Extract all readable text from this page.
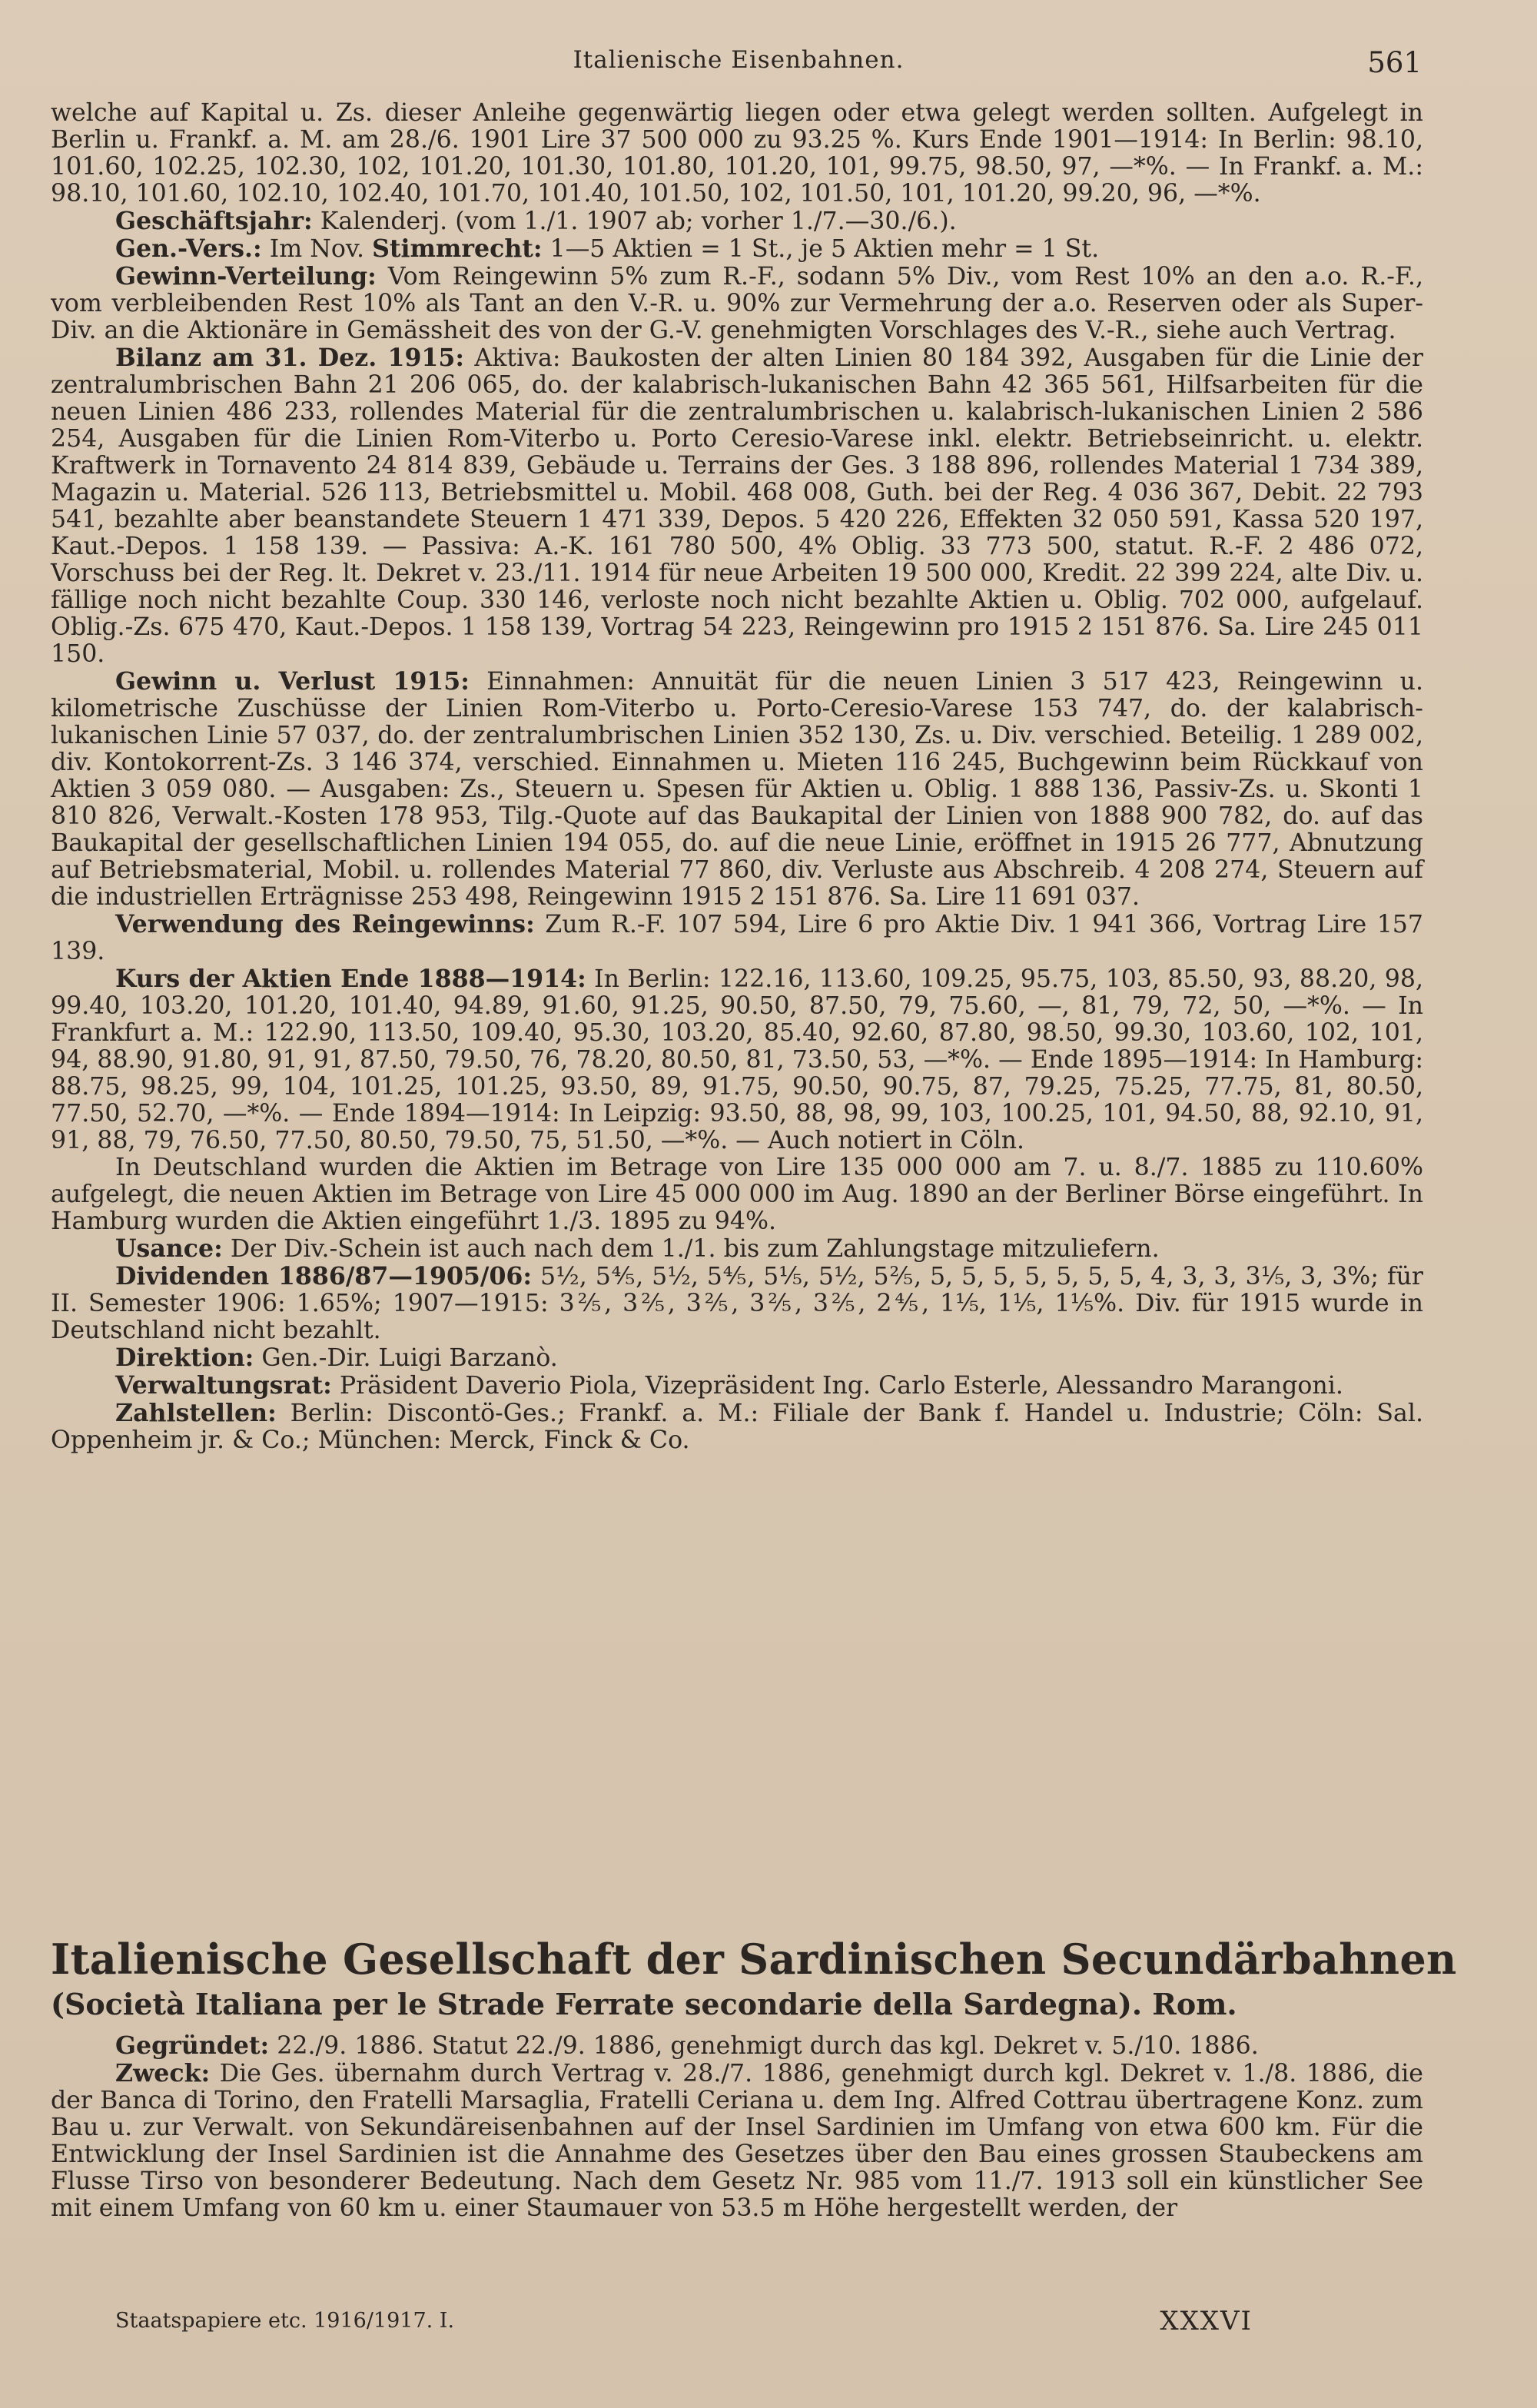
Italienische Eisenbahnen.	561

welche auf Kapital u. Zs. dieser Anleihe gegenwärtig liegen oder etwa gelegt werden sollten. Aufgelegt in Berlin u. Frankf. a. M. am 28./6. 1901 Lire 37 500 000 zu 93.25 %. Kurs Ende 1901—1914: In Berlin: 98.10, 101.60, 102.25, 102.30, 102, 101.20, 101.30, 101.80, 101.20, 101, 99.75, 98.50, 97, —*%. — In Frankf. a. M.: 98.10, 101.60, 102.10, 102.40, 101.70, 101.40, 101.50, 102, 101.50, 101, 101.20, 99.20, 96, —*%.

Geschäftsjahr: Kalenderj. (vom 1./1. 1907 ab; vorher 1./7.—30./6.).

Gen.-Vers.: Im Nov. Stimmrecht: 1—5 Aktien = 1 St., je 5 Aktien mehr = 1 St.

Gewinn-Verteilung: Vom Reingewinn 5% zum R.-F., sodann 5% Div., vom Rest 10% an den a.o. R.-F., vom verbleibenden Rest 10% als Tant an den V.-R. u. 90% zur Vermehrung der a.o. Reserven oder als Super-Div. an die Aktionäre in Gemässheit des von der G.-V. genehmigten Vorschlages des V.-R., siehe auch Vertrag.

Bilanz am 31. Dez. 1915: Aktiva: Baukosten der alten Linien 80 184 392, Ausgaben für die Linie der zentralumbrischen Bahn 21 206 065, do. der kalabrisch-lukanischen Bahn 42 365 561, Hilfsarbeiten für die neuen Linien 486 233, rollendes Material für die zentralumbrischen u. kalabrisch-lukanischen Linien 2 586 254, Ausgaben für die Linien Rom-Viterbo u. Porto Ceresio-Varese inkl. elektr. Betriebseinricht. u. elektr. Kraftwerk in Tornavento 24 814 839, Gebäude u. Terrains der Ges. 3 188 896, rollendes Material 1 734 389, Magazin u. Material. 526 113, Betriebsmittel u. Mobil. 468 008, Guth. bei der Reg. 4 036 367, Debit. 22 793 541, bezahlte aber beanstandete Steuern 1 471 339, Depos. 5 420 226, Effekten 32 050 591, Kassa 520 197, Kaut.-Depos. 1 158 139. — Passiva: A.-K. 161 780 500, 4% Oblig. 33 773 500, statut. R.-F. 2 486 072, Vorschuss bei der Reg. lt. Dekret v. 23./11. 1914 für neue Arbeiten 19 500 000, Kredit. 22 399 224, alte Div. u. fällige noch nicht bezahlte Coup. 330 146, verloste noch nicht bezahlte Aktien u. Oblig. 702 000, aufgelauf. Oblig.-Zs. 675 470, Kaut.-Depos. 1 158 139, Vortrag 54 223, Reingewinn pro 1915 2 151 876. Sa. Lire 245 011 150.

Gewinn u. Verlust 1915: Einnahmen: Annuität für die neuen Linien 3 517 423, Reingewinn u. kilometrische Zuschüsse der Linien Rom-Viterbo u. Porto-Ceresio-Varese 153 747, do. der kalabrisch-lukanischen Linie 57 037, do. der zentralumbrischen Linien 352 130, Zs. u. Div. verschied. Beteilig. 1 289 002, div. Kontokorrent-Zs. 3 146 374, verschied. Einnahmen u. Mieten 116 245, Buchgewinn beim Rückkauf von Aktien 3 059 080. — Ausgaben: Zs., Steuern u. Spesen für Aktien u. Oblig. 1 888 136, Passiv-Zs. u. Skonti 1 810 826, Verwalt.-Kosten 178 953, Tilg.-Quote auf das Baukapital der Linien von 1888 900 782, do. auf das Baukapital der gesellschaftlichen Linien 194 055, do. auf die neue Linie, eröffnet in 1915 26 777, Abnutzung auf Betriebsmaterial, Mobil. u. rollendes Material 77 860, div. Verluste aus Abschreib. 4 208 274, Steuern auf die industriellen Erträgnisse 253 498, Reingewinn 1915 2 151 876. Sa. Lire 11 691 037.

Verwendung des Reingewinns: Zum R.-F. 107 594, Lire 6 pro Aktie Div. 1 941 366, Vortrag Lire 157 139.

Kurs der Aktien Ende 1888—1914: In Berlin: 122.16, 113.60, 109.25, 95.75, 103, 85.50, 93, 88.20, 98, 99.40, 103.20, 101.20, 101.40, 94.89, 91.60, 91.25, 90.50, 87.50, 79, 75.60, —, 81, 79, 72, 50, —*%. — In Frankfurt a. M.: 122.90, 113.50, 109.40, 95.30, 103.20, 85.40, 92.60, 87.80, 98.50, 99.30, 103.60, 102, 101, 94, 88.90, 91.80, 91, 91, 87.50, 79.50, 76, 78.20, 80.50, 81, 73.50, 53, —*%. — Ende 1895—1914: In Hamburg: 88.75, 98.25, 99, 104, 101.25, 101.25, 93.50, 89, 91.75, 90.50, 90.75, 87, 79.25, 75.25, 77.75, 81, 80.50, 77.50, 52.70, —*%. — Ende 1894—1914: In Leipzig: 93.50, 88, 98, 99, 103, 100.25, 101, 94.50, 88, 92.10, 91, 91, 88, 79, 76.50, 77.50, 80.50, 79.50, 75, 51.50, —*%. — Auch notiert in Cöln.

In Deutschland wurden die Aktien im Betrage von Lire 135 000 000 am 7. u. 8./7. 1885 zu 110.60% aufgelegt, die neuen Aktien im Betrage von Lire 45 000 000 im Aug. 1890 an der Berliner Börse eingeführt. In Hamburg wurden die Aktien eingeführt 1./3. 1895 zu 94%.

Usance: Der Div.-Schein ist auch nach dem 1./1. bis zum Zahlungstage mitzuliefern.

Dividenden 1886/87—1905/06: 5½, 5⅘, 5½, 5⅘, 5⅕, 5½, 5⅖, 5, 5, 5, 5, 5, 5, 5, 4, 3, 3, 3⅕, 3, 3%; für II. Semester 1906: 1.65%; 1907—1915: 3⅖, 3⅖, 3⅖, 3⅖, 3⅖, 2⅘, 1⅕, 1⅕, 1⅕%. Div. für 1915 wurde in Deutschland nicht bezahlt.

Direktion: Gen.-Dir. Luigi Barzanò.

Verwaltungsrat: Präsident Daverio Piola, Vizepräsident Ing. Carlo Esterle, Alessandro Marangoni.

Zahlstellen: Berlin: Discontö-Ges.; Frankf. a. M.: Filiale der Bank f. Handel u. Industrie; Cöln: Sal. Oppenheim jr. & Co.; München: Merck, Finck & Co.

Italienische Gesellschaft der Sardinischen Secundärbahnen
(Società Italiana per le Strade Ferrate secondarie della Sardegna). Rom.

Gegründet: 22./9. 1886. Statut 22./9. 1886, genehmigt durch das kgl. Dekret v. 5./10. 1886.

Zweck: Die Ges. übernahm durch Vertrag v. 28./7. 1886, genehmigt durch kgl. Dekret v. 1./8. 1886, die der Banca di Torino, den Fratelli Marsaglia, Fratelli Ceriana u. dem Ing. Alfred Cottrau übertragene Konz. zum Bau u. zur Verwalt. von Sekundäreisenbahnen auf der Insel Sardinien im Umfang von etwa 600 km. Für die Entwicklung der Insel Sardinien ist die Annahme des Gesetzes über den Bau eines grossen Staubeckens am Flusse Tirso von besonderer Bedeutung. Nach dem Gesetz Nr. 985 vom 11./7. 1913 soll ein künstlicher See mit einem Umfang von 60 km u. einer Staumauer von 53.5 m Höhe hergestellt werden, der

Staatspapiere etc. 1916/1917. I.	XXXVI
